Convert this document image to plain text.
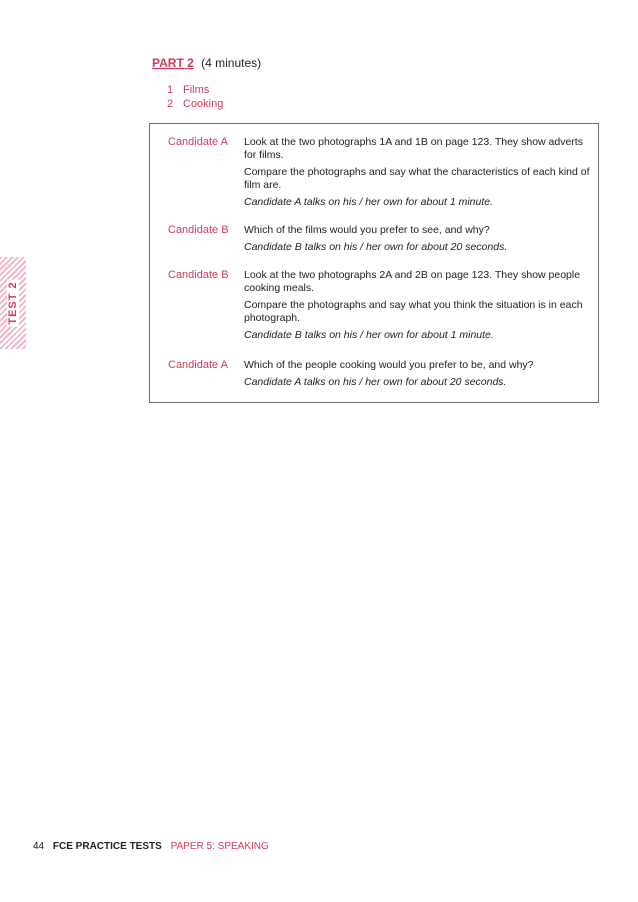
PART 2 (4 minutes)
1 Films
2 Cooking
Candidate A	Look at the two photographs 1A and 1B on page 123. They show adverts for films.

Compare the photographs and say what the characteristics of each kind of film are.

Candidate A talks on his / her own for about 1 minute.

Candidate B	Which of the films would you prefer to see, and why?

Candidate B talks on his / her own for about 20 seconds.

Candidate B	Look at the two photographs 2A and 2B on page 123. They show people cooking meals.

Compare the photographs and say what you think the situation is in each photograph.

Candidate B talks on his / her own for about 1 minute.

Candidate A	Which of the people cooking would you prefer to be, and why?

Candidate A talks on his / her own for about 20 seconds.

TEST 2
44 FCE PRACTICE TESTS PAPER 5: SPEAKING
